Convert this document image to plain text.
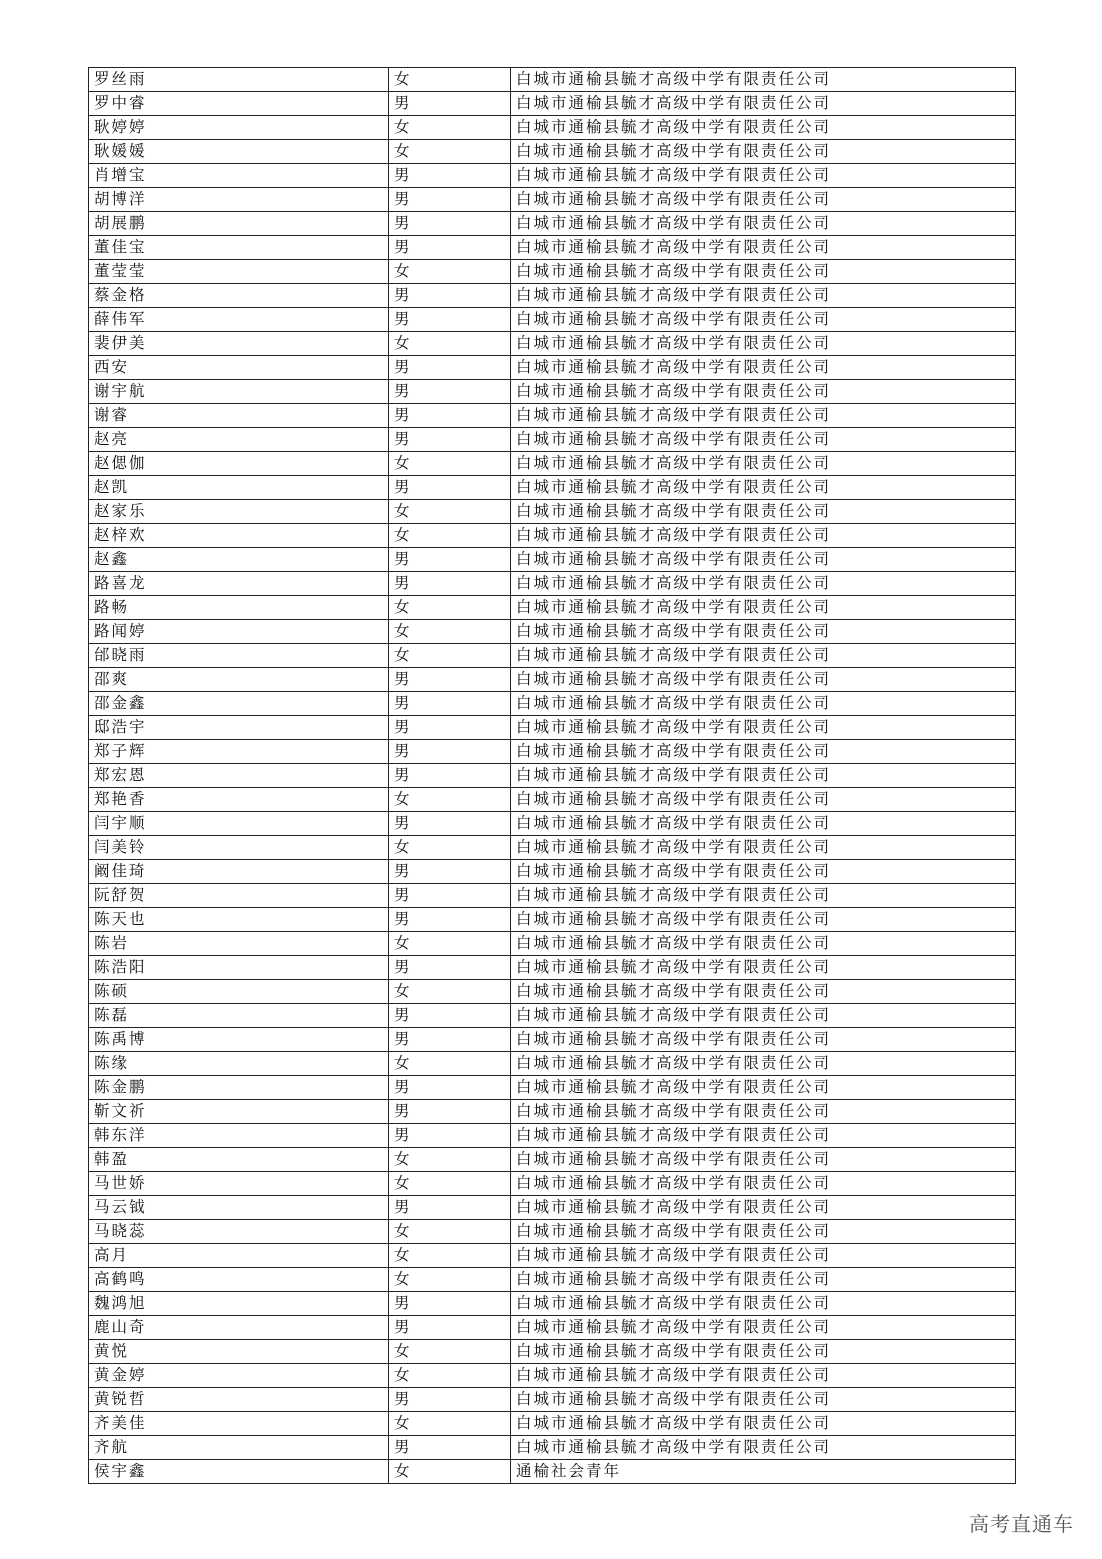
罗丝雨	女	白城市通榆县毓才高级中学有限责任公司
罗中睿	男	白城市通榆县毓才高级中学有限责任公司
耿婷婷	女	白城市通榆县毓才高级中学有限责任公司
耿媛媛	女	白城市通榆县毓才高级中学有限责任公司
肖增宝	男	白城市通榆县毓才高级中学有限责任公司
胡博洋	男	白城市通榆县毓才高级中学有限责任公司
胡展鹏	男	白城市通榆县毓才高级中学有限责任公司
董佳宝	男	白城市通榆县毓才高级中学有限责任公司
董莹莹	女	白城市通榆县毓才高级中学有限责任公司
蔡金格	男	白城市通榆县毓才高级中学有限责任公司
薛伟军	男	白城市通榆县毓才高级中学有限责任公司
裴伊美	女	白城市通榆县毓才高级中学有限责任公司
西安	男	白城市通榆县毓才高级中学有限责任公司
谢宇航	男	白城市通榆县毓才高级中学有限责任公司
谢睿	男	白城市通榆县毓才高级中学有限责任公司
赵亮	男	白城市通榆县毓才高级中学有限责任公司
赵偲伽	女	白城市通榆县毓才高级中学有限责任公司
赵凯	男	白城市通榆县毓才高级中学有限责任公司
赵家乐	女	白城市通榆县毓才高级中学有限责任公司
赵梓欢	女	白城市通榆县毓才高级中学有限责任公司
赵鑫	男	白城市通榆县毓才高级中学有限责任公司
路喜龙	男	白城市通榆县毓才高级中学有限责任公司
路畅	女	白城市通榆县毓才高级中学有限责任公司
路闻婷	女	白城市通榆县毓才高级中学有限责任公司
邰晓雨	女	白城市通榆县毓才高级中学有限责任公司
邵爽	男	白城市通榆县毓才高级中学有限责任公司
邵金鑫	男	白城市通榆县毓才高级中学有限责任公司
邸浩宇	男	白城市通榆县毓才高级中学有限责任公司
郑子辉	男	白城市通榆县毓才高级中学有限责任公司
郑宏恩	男	白城市通榆县毓才高级中学有限责任公司
郑艳香	女	白城市通榆县毓才高级中学有限责任公司
闫宇顺	男	白城市通榆县毓才高级中学有限责任公司
闫美铃	女	白城市通榆县毓才高级中学有限责任公司
阚佳琦	男	白城市通榆县毓才高级中学有限责任公司
阮舒贺	男	白城市通榆县毓才高级中学有限责任公司
陈天也	男	白城市通榆县毓才高级中学有限责任公司
陈岩	女	白城市通榆县毓才高级中学有限责任公司
陈浩阳	男	白城市通榆县毓才高级中学有限责任公司
陈硕	女	白城市通榆县毓才高级中学有限责任公司
陈磊	男	白城市通榆县毓才高级中学有限责任公司
陈禹博	男	白城市通榆县毓才高级中学有限责任公司
陈缘	女	白城市通榆县毓才高级中学有限责任公司
陈金鹏	男	白城市通榆县毓才高级中学有限责任公司
靳文祈	男	白城市通榆县毓才高级中学有限责任公司
韩东洋	男	白城市通榆县毓才高级中学有限责任公司
韩盈	女	白城市通榆县毓才高级中学有限责任公司
马世娇	女	白城市通榆县毓才高级中学有限责任公司
马云钺	男	白城市通榆县毓才高级中学有限责任公司
马晓蕊	女	白城市通榆县毓才高级中学有限责任公司
高月	女	白城市通榆县毓才高级中学有限责任公司
高鹤鸣	女	白城市通榆县毓才高级中学有限责任公司
魏鸿旭	男	白城市通榆县毓才高级中学有限责任公司
鹿山奇	男	白城市通榆县毓才高级中学有限责任公司
黄悦	女	白城市通榆县毓才高级中学有限责任公司
黄金婷	女	白城市通榆县毓才高级中学有限责任公司
黄锐哲	男	白城市通榆县毓才高级中学有限责任公司
齐美佳	女	白城市通榆县毓才高级中学有限责任公司
齐航	男	白城市通榆县毓才高级中学有限责任公司
侯宇鑫	女	通榆社会青年
高考直通车
